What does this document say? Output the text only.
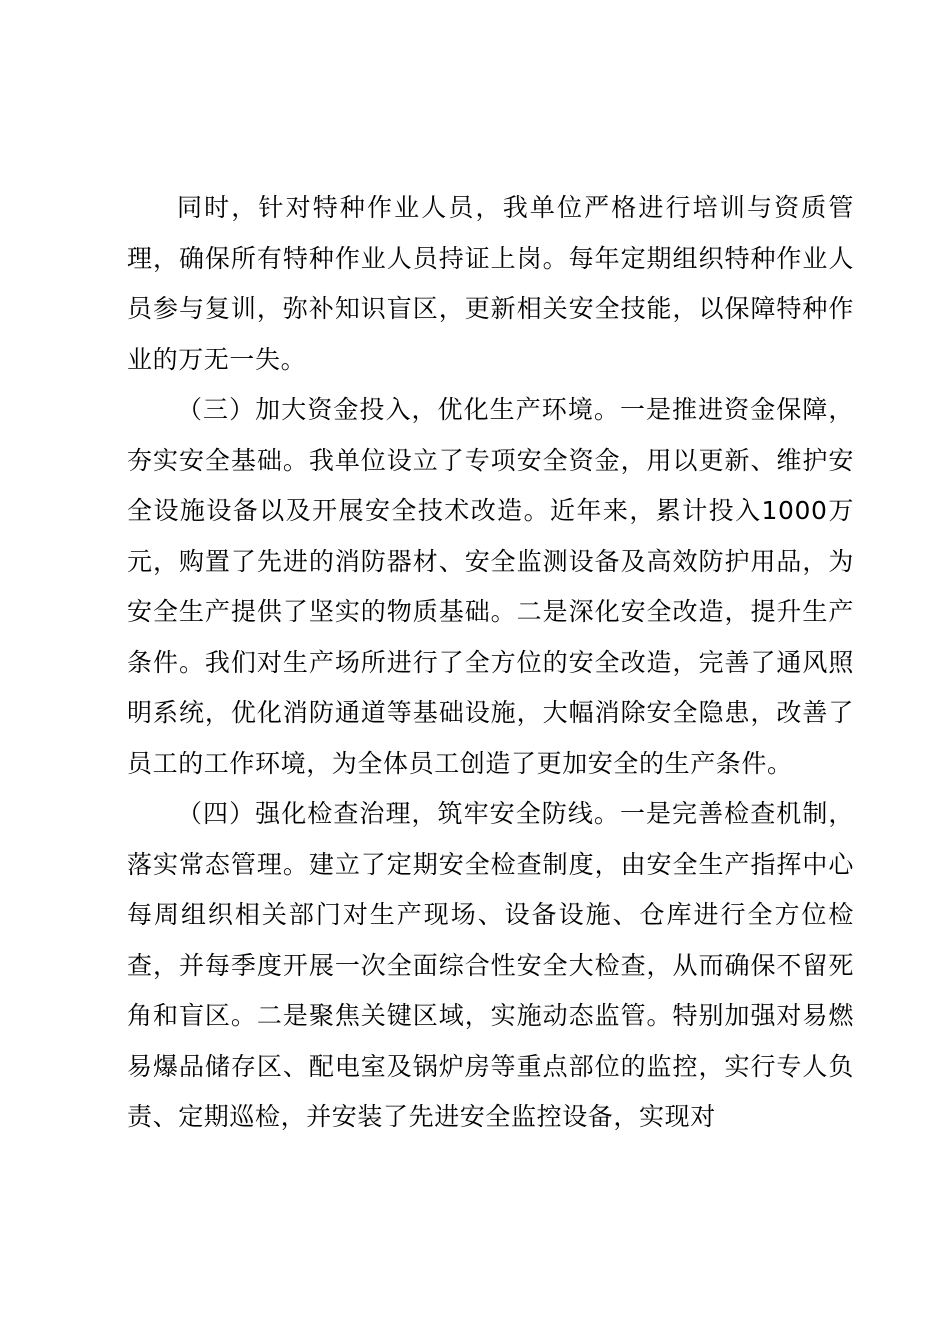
同时，针对特种作业人员，我单位严格进行培训与资质管理，确保所有特种作业人员持证上岗。每年定期组织特种作业人员参与复训，弥补知识盲区，更新相关安全技能，以保障特种作业的万无一失。

（三）加大资金投入，优化生产环境。一是推进资金保障，夯实安全基础。我单位设立了专项安全资金，用以更新、维护安全设施设备以及开展安全技术改造。近年来，累计投入1000万元，购置了先进的消防器材、安全监测设备及高效防护用品，为安全生产提供了坚实的物质基础。二是深化安全改造，提升生产条件。我们对生产场所进行了全方位的安全改造，完善了通风照明系统，优化消防通道等基础设施，大幅消除安全隐患，改善了员工的工作环境，为全体员工创造了更加安全的生产条件。

（四）强化检查治理，筑牢安全防线。一是完善检查机制，落实常态管理。建立了定期安全检查制度，由安全生产指挥中心每周组织相关部门对生产现场、设备设施、仓库进行全方位检查，并每季度开展一次全面综合性安全大检查，从而确保不留死角和盲区。二是聚焦关键区域，实施动态监管。特别加强对易燃易爆品储存区、配电室及锅炉房等重点部位的监控，实行专人负责、定期巡检，并安装了先进安全监控设备，实现对
